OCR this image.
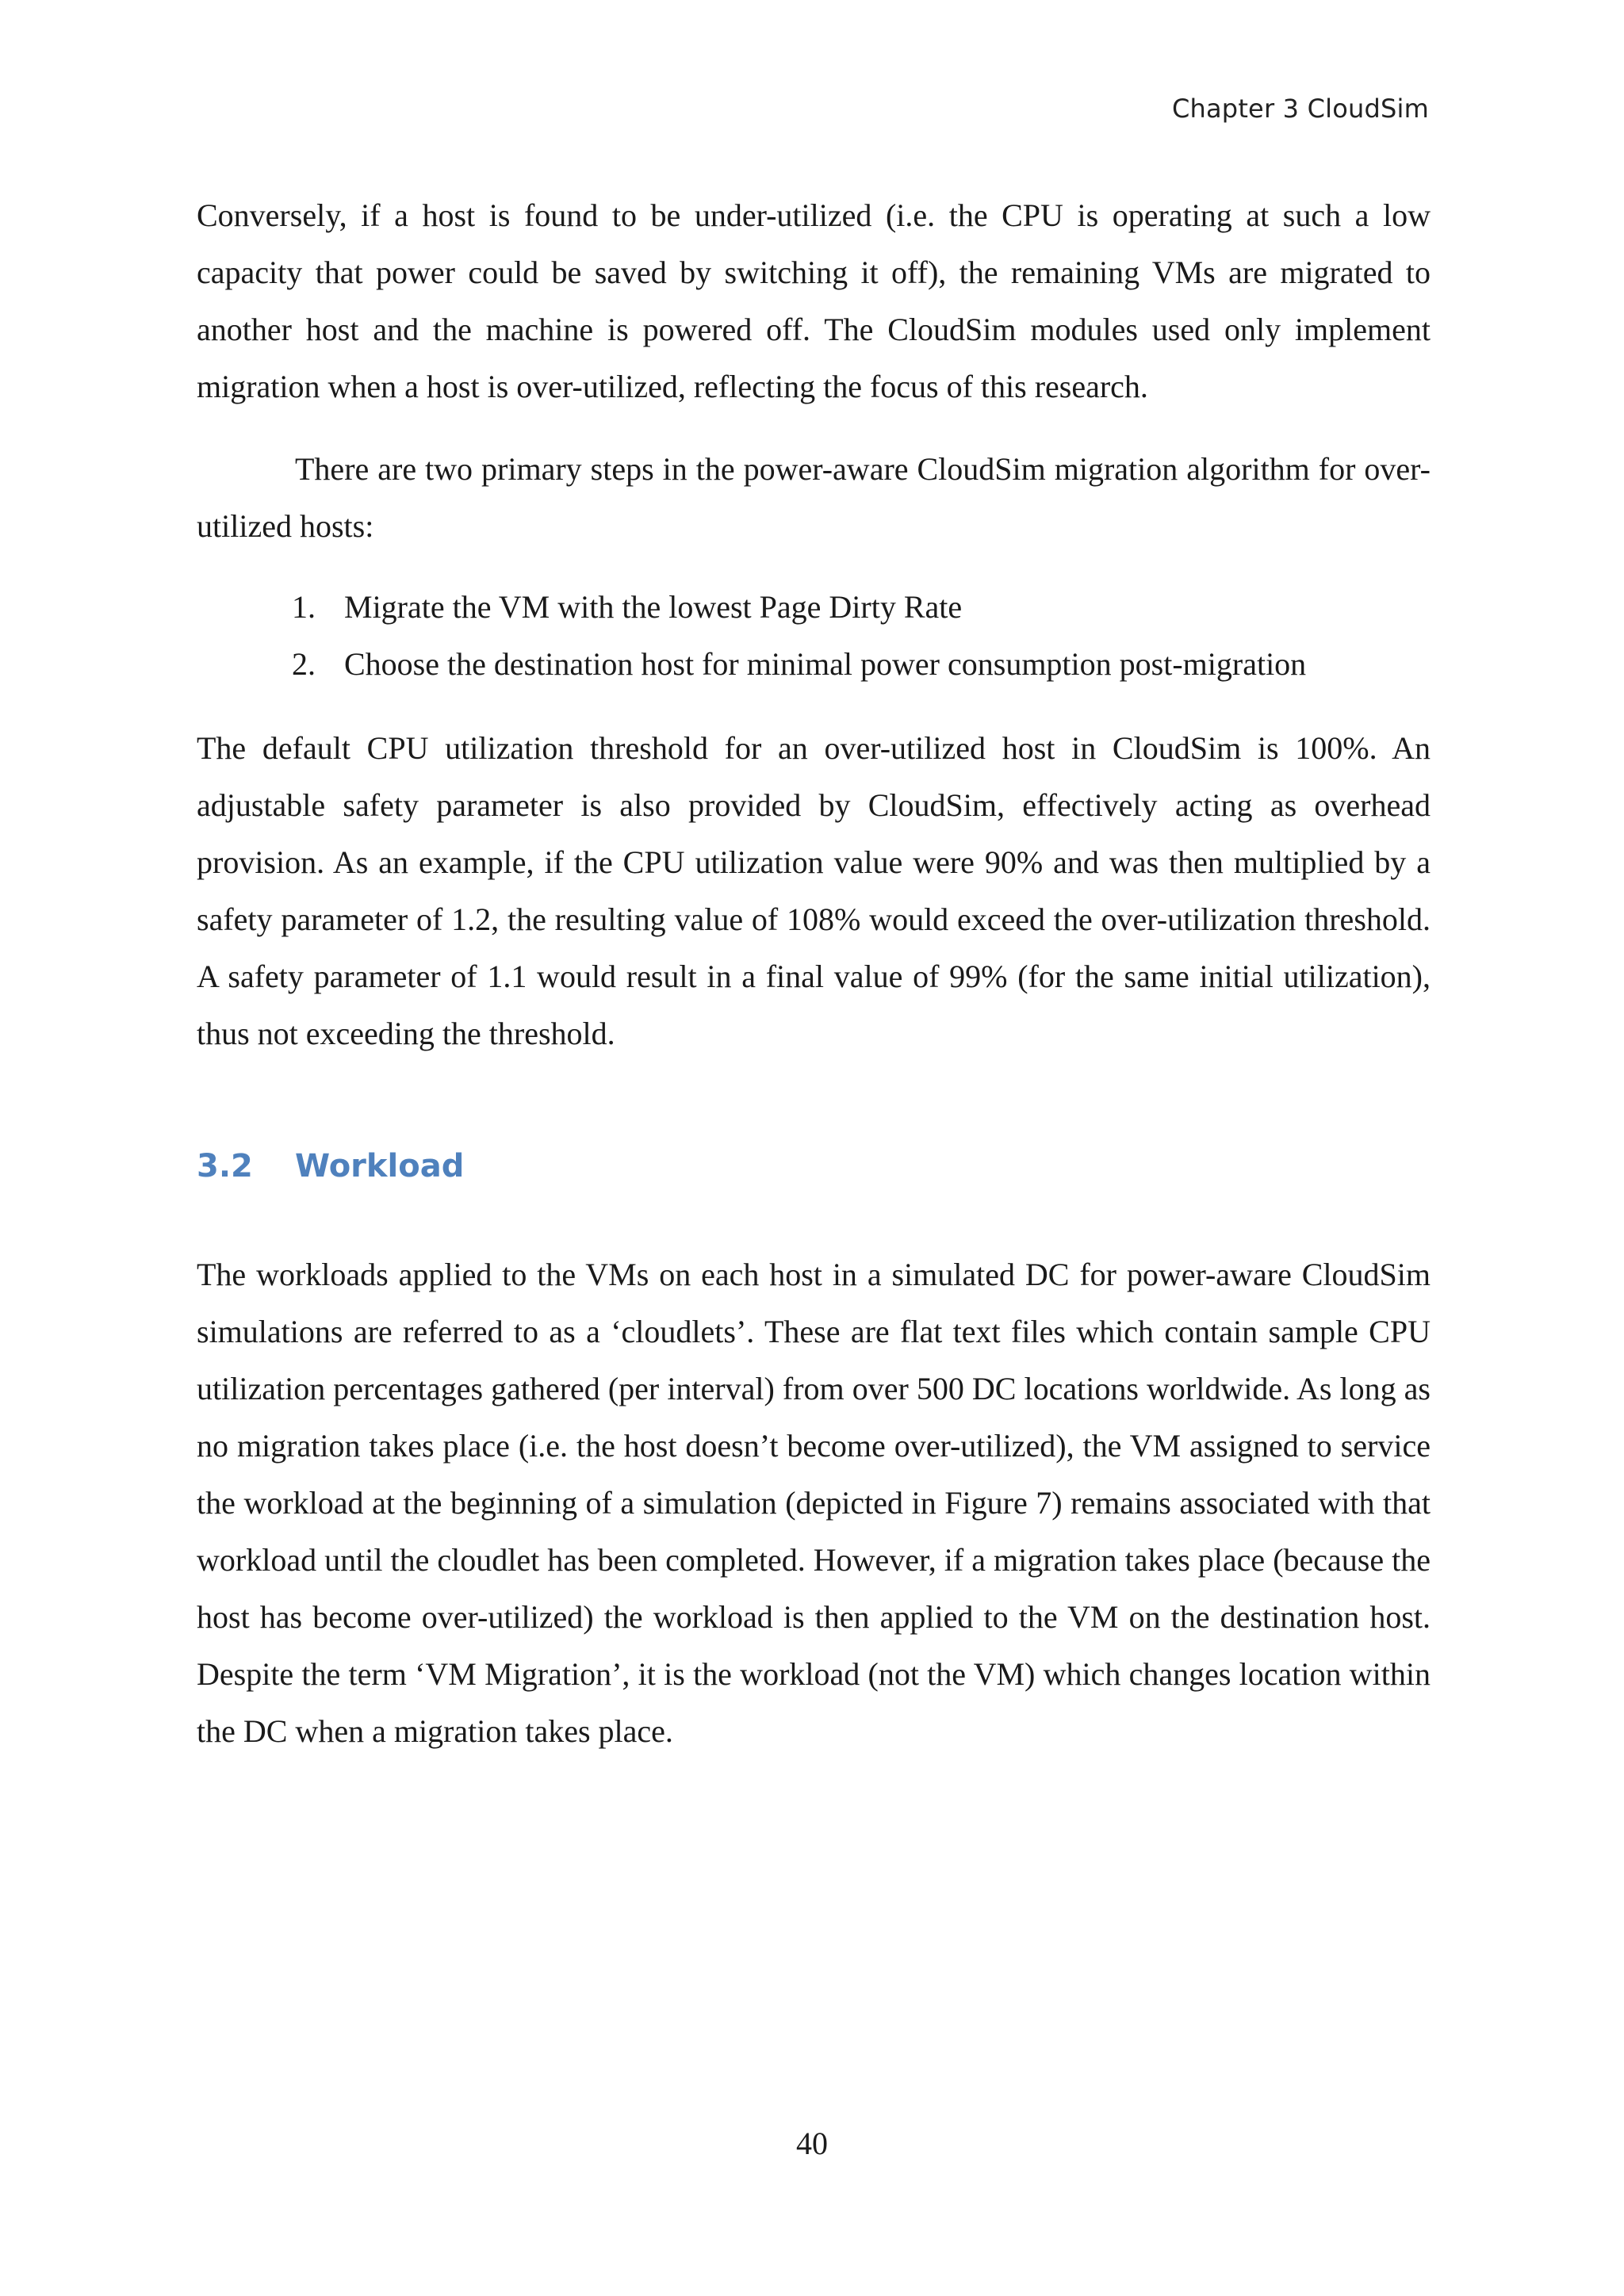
Chapter 3 CloudSim

Conversely, if a host is found to be under-utilized (i.e. the CPU is operating at such a low capacity that power could be saved by switching it off), the remaining VMs are migrated to another host and the machine is powered off. The CloudSim modules used only implement migration when a host is over-utilized, reflecting the focus of this research.

There are two primary steps in the power-aware CloudSim migration algorithm for over-utilized hosts:

1. Migrate the VM with the lowest Page Dirty Rate
2. Choose the destination host for minimal power consumption post-migration

The default CPU utilization threshold for an over-utilized host in CloudSim is 100%. An adjustable safety parameter is also provided by CloudSim, effectively acting as overhead provision. As an example, if the CPU utilization value were 90% and was then multiplied by a safety parameter of 1.2, the resulting value of 108% would exceed the over-utilization threshold. A safety parameter of 1.1 would result in a final value of 99% (for the same initial utilization), thus not exceeding the threshold.

3.2 Workload

The workloads applied to the VMs on each host in a simulated DC for power-aware CloudSim simulations are referred to as a ‘cloudlets’. These are flat text files which contain sample CPU utilization percentages gathered (per interval) from over 500 DC locations worldwide. As long as no migration takes place (i.e. the host doesn’t become over-utilized), the VM assigned to service the workload at the beginning of a simulation (depicted in Figure 7) remains associated with that workload until the cloudlet has been completed. However, if a migration takes place (because the host has become over-utilized) the workload is then applied to the VM on the destination host. Despite the term ‘VM Migration’, it is the workload (not the VM) which changes location within the DC when a migration takes place.

40
